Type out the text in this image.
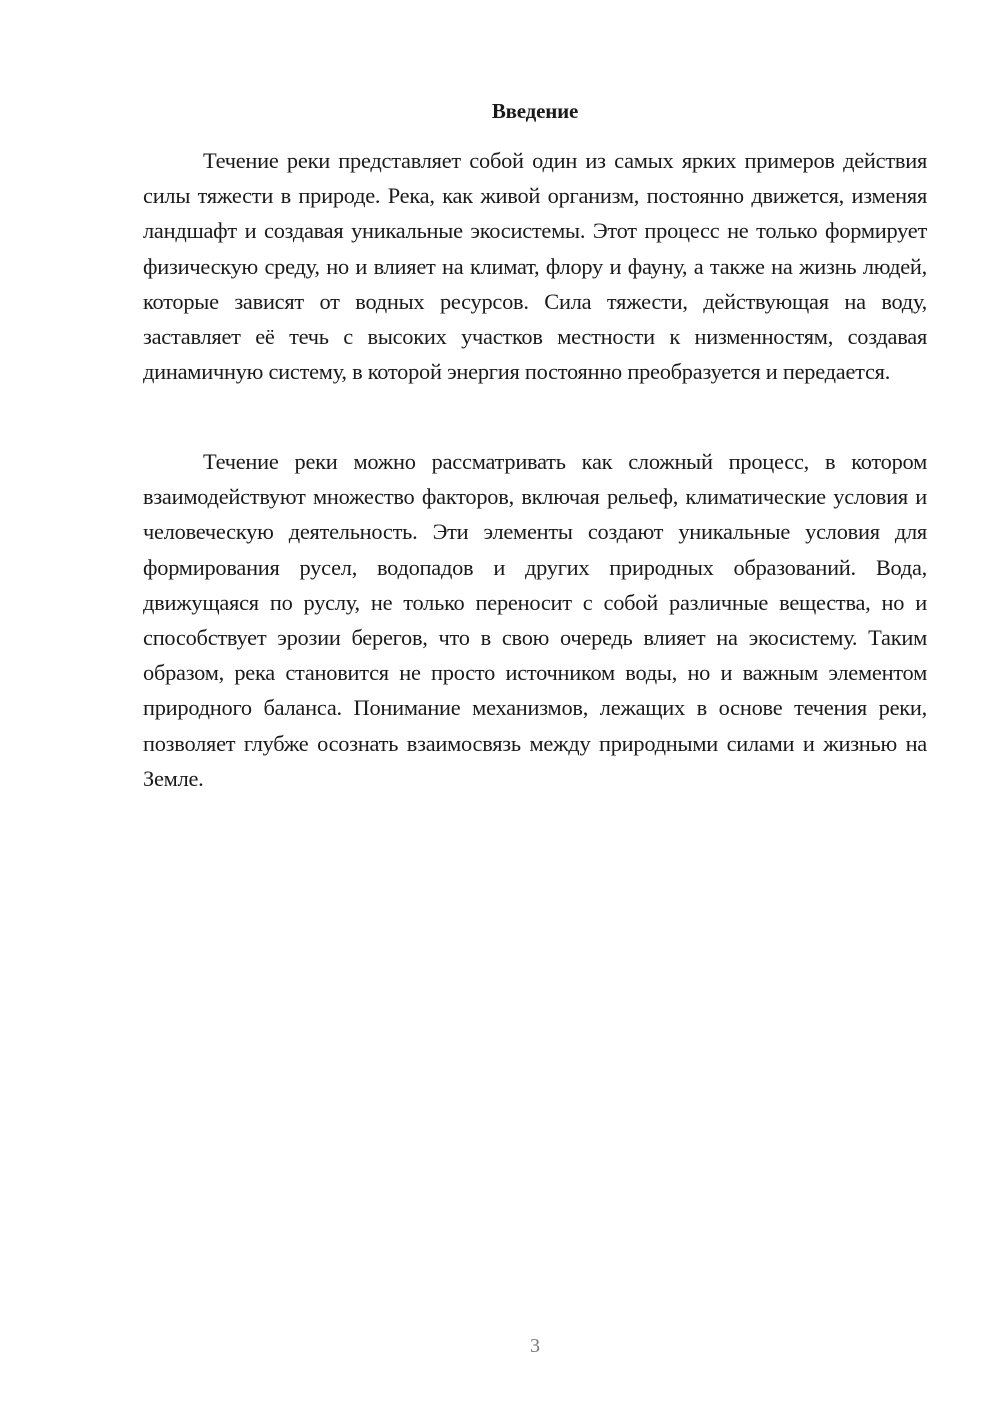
Введение

Течение реки представляет собой один из самых ярких примеров действия силы тяжести в природе. Река, как живой организм, постоянно движется, изменяя ландшафт и создавая уникальные экосистемы. Этот процесс не только формирует физическую среду, но и влияет на климат, флору и фауну, а также на жизнь людей, которые зависят от водных ресурсов. Сила тяжести, действующая на воду, заставляет её течь с высоких участков местности к низменностям, создавая динамичную систему, в которой энергия постоянно преобразуется и передается.

Течение реки можно рассматривать как сложный процесс, в котором взаимодействуют множество факторов, включая рельеф, климатические условия и человеческую деятельность. Эти элементы создают уникальные условия для формирования русел, водопадов и других природных образований. Вода, движущаяся по руслу, не только переносит с собой различные вещества, но и способствует эрозии берегов, что в свою очередь влияет на экосистему. Таким образом, река становится не просто источником воды, но и важным элементом природного баланса. Понимание механизмов, лежащих в основе течения реки, позволяет глубже осознать взаимосвязь между природными силами и жизнью на Земле.

3
